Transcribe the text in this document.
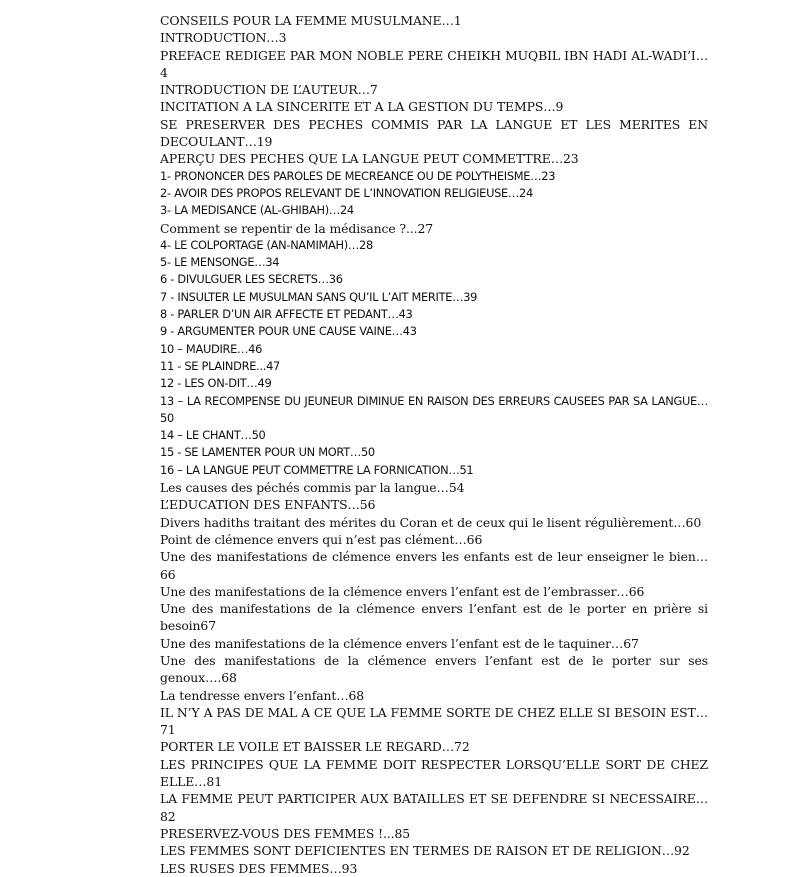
CONSEILS POUR LA FEMME MUSULMANE…1
INTRODUCTION…3
PREFACE REDIGEE PAR MON NOBLE PERE CHEIKH MUQBIL IBN HADI AL-WADI’I…4
INTRODUCTION DE L’AUTEUR…7
INCITATION A LA SINCERITE ET A LA GESTION DU TEMPS…9
SE PRESERVER DES PECHES COMMIS PAR LA LANGUE ET LES MERITES EN DECOULANT…19
APERÇU DES PECHES QUE LA LANGUE PEUT COMMETTRE…23
1- PRONONCER DES PAROLES DE MECREANCE OU DE POLYTHEISME…23
2- AVOIR DES PROPOS RELEVANT DE L’INNOVATION RELIGIEUSE…24
3- LA MEDISANCE (AL-GHIBAH)…24
Comment se repentir de la médisance ?...27
4- LE COLPORTAGE (AN-NAMIMAH)…28
5- LE MENSONGE…34
6 - DIVULGUER LES SECRETS…36
7 - INSULTER LE MUSULMAN SANS QU’IL L’AIT MERITE…39
8 - PARLER D’UN AIR AFFECTE ET PEDANT…43
9 - ARGUMENTER POUR UNE CAUSE VAINE…43
10 – MAUDIRE…46
11 - SE PLAINDRE...47
12 - LES ON-DIT…49
13 – LA RECOMPENSE DU JEUNEUR DIMINUE EN RAISON DES ERREURS CAUSEES PAR SA LANGUE…50
14 – LE CHANT…50
15 - SE LAMENTER POUR UN MORT…50
16 – LA LANGUE PEUT COMMETTRE LA FORNICATION…51
Les causes des péchés commis par la langue…54
L’EDUCATION DES ENFANTS…56
Divers hadiths traitant des mérites du Coran et de ceux qui le lisent régulièrement…60
Point de clémence envers qui n’est pas clément…66
Une des manifestations de clémence envers les enfants est de leur enseigner le bien…66
Une des manifestations de la clémence envers l’enfant est de l’embrasser…66
Une des manifestations de la clémence envers l’enfant est de le porter en prière si besoin67
Une des manifestations de la clémence envers l’enfant est de le taquiner…67
Une des manifestations de la clémence envers l’enfant est de le porter sur ses genoux….68
La tendresse envers l’enfant…68
IL N’Y A PAS DE MAL A CE QUE LA FEMME SORTE DE CHEZ ELLE SI BESOIN EST…71
PORTER LE VOILE ET BAISSER LE REGARD…72
LES PRINCIPES QUE LA FEMME DOIT RESPECTER LORSQU’ELLE SORT DE CHEZ ELLE…81
LA FEMME PEUT PARTICIPER AUX BATAILLES ET SE DEFENDRE SI NECESSAIRE…82
PRESERVEZ-VOUS DES FEMMES !...85
LES FEMMES SONT DEFICIENTES EN TERMES DE RAISON ET DE RELIGION…92
LES RUSES DES FEMMES…93
